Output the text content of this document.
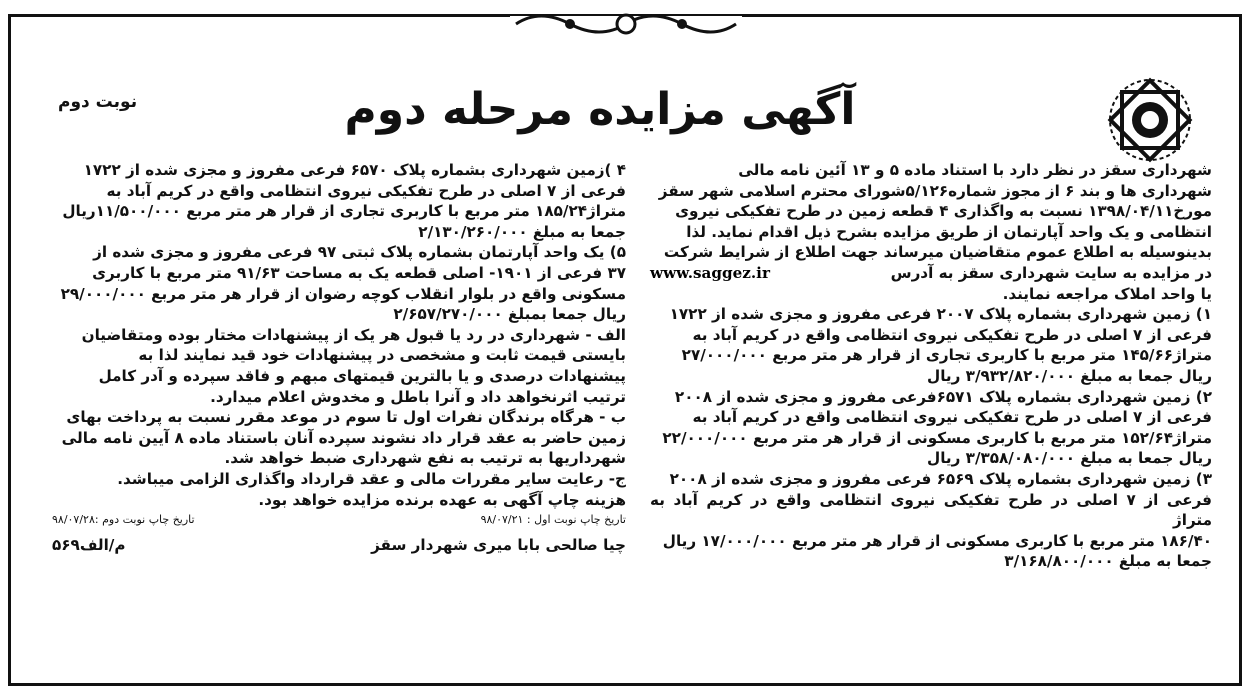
آگهی مزایده مرحله دوم
نوبت دوم

شهرداری سقز در نظر دارد با استناد ماده ۵ و ۱۳ آئین نامه مالی

شهرداری ها و بند ۶ از مجوز شماره۵/۱۲۶شورای محترم اسلامی شهر سقز

مورخ۱۳۹۸/۰۴/۱۱ نسبت به واگذاری ۴ قطعه زمین در طرح تفکیکی نیروی

انتظامی و یک واحد آپارتمان از طریق مزایده بشرح ذیل اقدام نماید. لذا

بدینوسیله به اطلاع عموم متقاضیان میرساند جهت اطلاع از شرایط شرکت

در مزایده به سایت شهرداری سقز به آدرس
www.saggez.ir

یا واحد املاک مراجعه نمایند.

۱) زمین شهرداری بشماره پلاک ۲۰۰۷ فرعی مفروز و مجزی شده از ۱۷۲۲

فرعی از ۷ اصلی در طرح تفکیکی نیروی انتظامی واقع در کریم آباد به

متراژ۱۴۵/۶۶ متر مربع با کاربری تجاری از قرار هر متر مربع ۲۷/۰۰۰/۰۰۰

ریال جمعا به مبلغ ۳/۹۳۲/۸۲۰/۰۰۰ ریال

۲) زمین شهرداری بشماره پلاک ۶۵۷۱فرعی مفروز و مجزی شده از ۲۰۰۸

فرعی از ۷ اصلی در طرح تفکیکی نیروی انتظامی واقع در کریم آباد به

متراژ۱۵۲/۶۴ متر مربع با کاربری مسکونی از قرار هر متر مربع ۲۲/۰۰۰/۰۰۰

ریال جمعا به مبلغ ۳/۳۵۸/۰۸۰/۰۰۰ ریال

۳) زمین شهرداری بشماره پلاک ۶۵۶۹ فرعی مفروز و مجزی شده از ۲۰۰۸

فرعی از ۷ اصلی در طرح تفکیکی نیروی انتظامی واقع در کریم آباد به متراژ

۱۸۶/۴۰ متر مربع با کاربری مسکونی از قرار هر متر مربع ۱۷/۰۰۰/۰۰۰ ریال

جمعا به مبلغ ۳/۱۶۸/۸۰۰/۰۰۰

۴ )زمین شهرداری بشماره پلاک ۶۵۷۰ فرعی مفروز و مجزی شده از ۱۷۲۲

فرعی از ۷ اصلی در طرح تفکیکی نیروی انتظامی واقع در کریم آباد به

متراژ۱۸۵/۲۴ متر مربع با کاربری تجاری از قرار هر متر مربع ۱۱/۵۰۰/۰۰۰ریال

جمعا به مبلغ ۲/۱۳۰/۲۶۰/۰۰۰

۵) یک واحد آپارتمان بشماره پلاک ثبتی ۹۷ فرعی مفروز و مجزی شده از

۳۷ فرعی از ۱۹۰۱- اصلی قطعه یک به مساحت ۹۱/۶۳ متر مربع با کاربری

مسکونی واقع در بلوار انقلاب کوچه رضوان از قرار هر متر مربع ۲۹/۰۰۰/۰۰۰

ریال جمعا بمبلغ ۲/۶۵۷/۲۷۰/۰۰۰

الف - شهرداری در رد یا قبول هر یک از پیشنهادات مختار بوده ومتقاضیان

بایستی قیمت ثابت و مشخصی در پیشنهادات خود قید نمایند لذا به

پیشنهادات درصدی و یا بالترین قیمتهای مبهم و فاقد سپرده و آدر کامل

ترتیب اثرنخواهد داد و آنرا باطل و مخدوش اعلام میدارد.

ب - هرگاه برندگان نفرات اول تا سوم در موعد مقرر نسبت به پرداخت بهای

زمین حاضر به عقد قرار داد نشوند سپرده آنان باستناد ماده ۸ آیین نامه مالی

شهرداریها به ترتیب به نفع شهرداری ضبط خواهد شد.

ج- رعایت سایر مقررات مالی و عقد قرارداد واگذاری الزامی میباشد.

هزینه چاپ آگهی به عهده برنده مزایده خواهد بود.

تاریخ چاپ نوبت اول : ۹۸/۰۷/۲۱
تاریخ چاپ نوبت دوم :۹۸/۰۷/۲۸

چیا صالحی بابا میری شهردار سقز
م/الف۵۶۹
